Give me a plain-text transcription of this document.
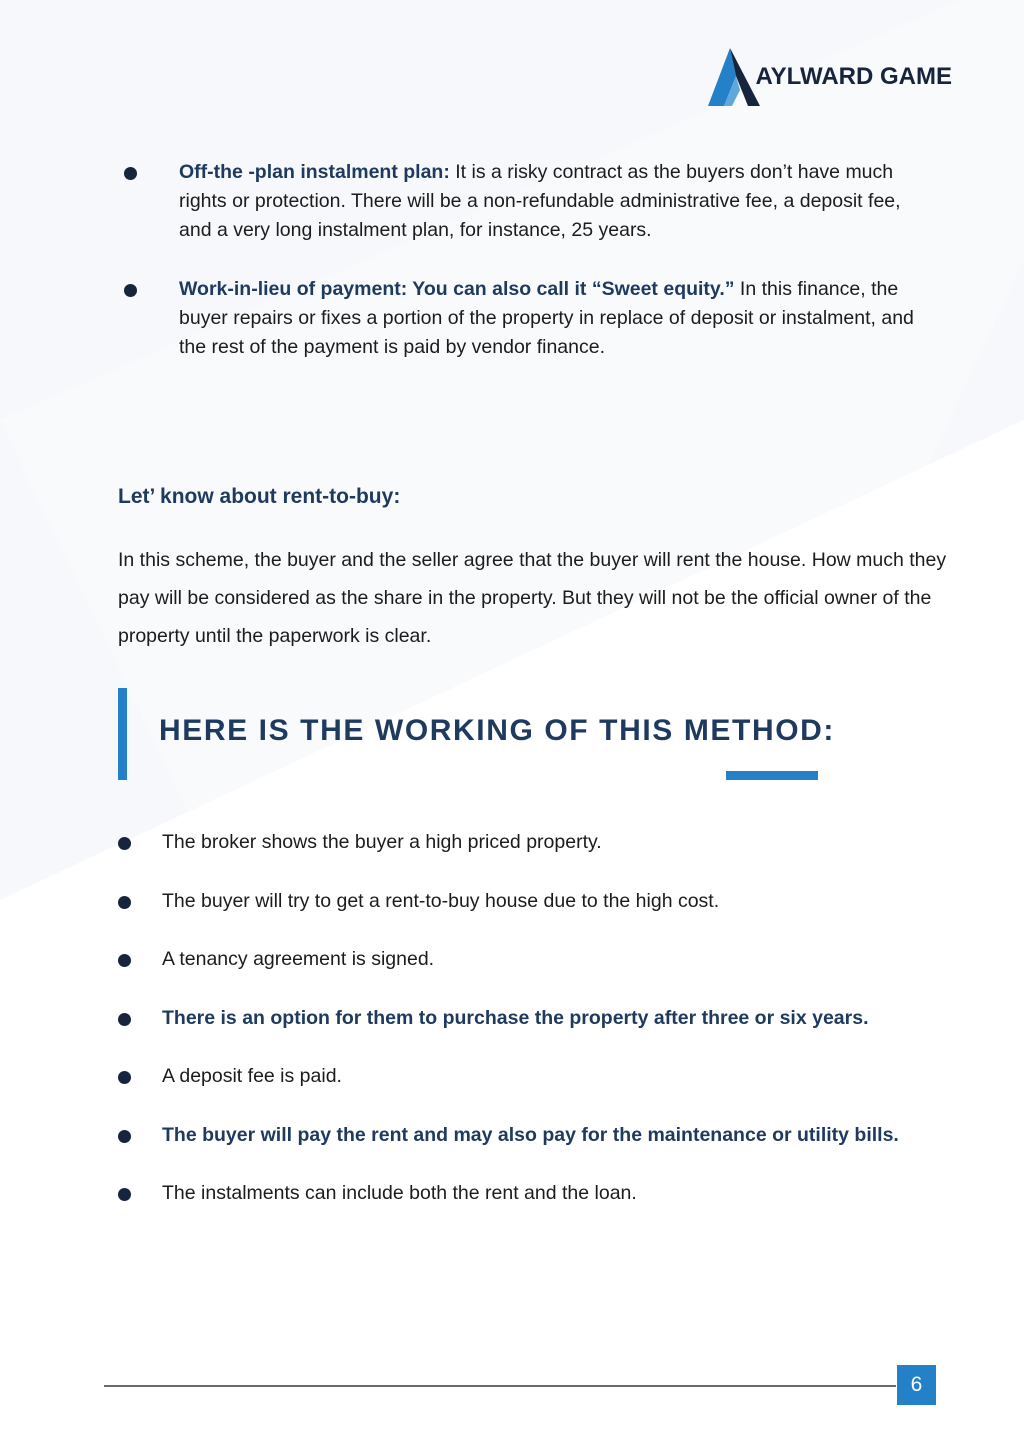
AYLWARD GAME
Off-the -plan instalment plan: It is a risky contract as the buyers don’t have much rights or protection. There will be a non-refundable administrative fee, a deposit fee, and a very long instalment plan, for instance, 25 years.
Work-in-lieu of payment: You can also call it “Sweet equity.” In this finance, the buyer repairs or fixes a portion of the property in replace of deposit or instalment, and the rest of the payment is paid by vendor finance.
Let’ know about rent-to-buy:
In this scheme, the buyer and the seller agree that the buyer will rent the house. How much they pay will be considered as the share in the property. But they will not be the official owner of the property until the paperwork is clear.
HERE IS THE WORKING OF THIS METHOD:
The broker shows the buyer a high priced property.
The buyer will try to get a rent-to-buy house due to the high cost.
A tenancy agreement is signed.
There is an option for them to purchase the property after three or six years.
A deposit fee is paid.
The buyer will pay the rent and may also pay for the maintenance or utility bills.
The instalments can include both the rent and the loan.
6
